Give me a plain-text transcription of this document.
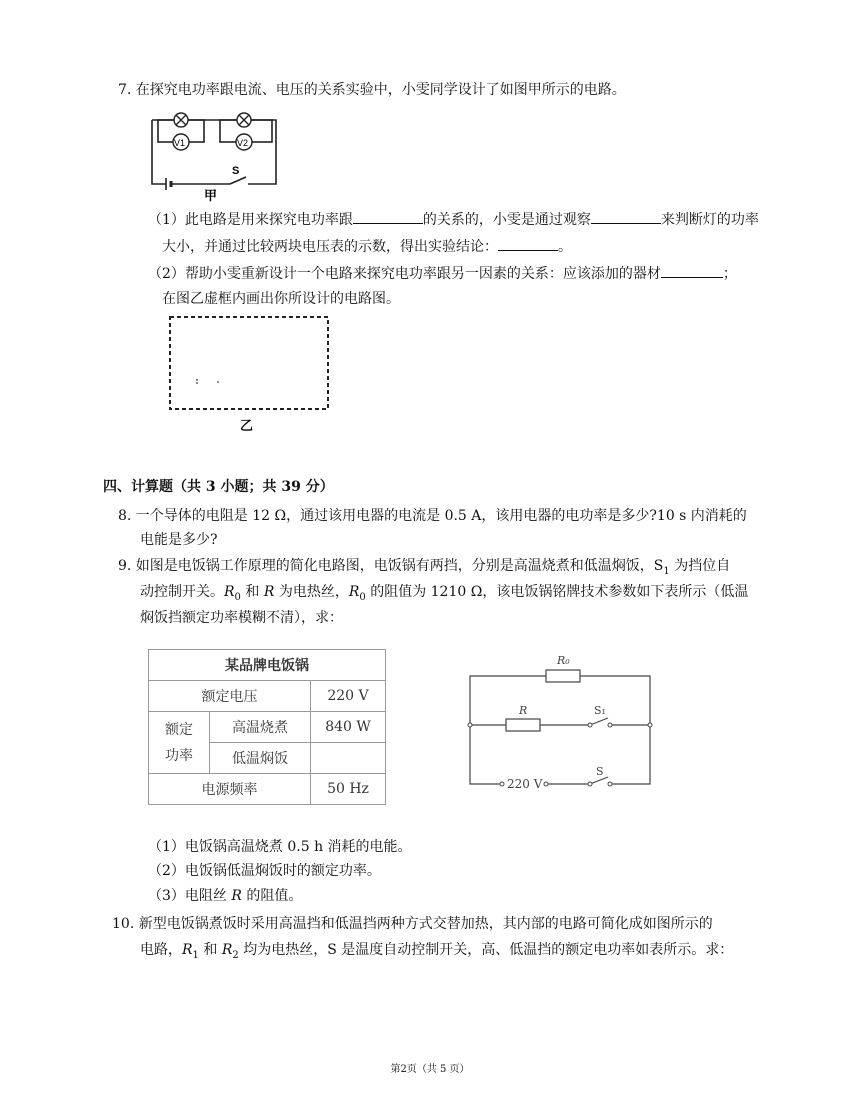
7. 在探究电功率跟电流、电压的关系实验中，小雯同学设计了如图甲所示的电路。
V1	V2
S
甲
（1）此电路是用来探究电功率跟	的关系的，小雯是通过观察	来判断灯的功率
大小，并通过比较两块电压表的示数，得出实验结论：	。
（2）帮助小雯重新设计一个电路来探究电功率跟另一因素的关系：应该添加的器材	；
在图乙虚框内画出你所设计的电路图。
乙
四、计算题（共 3 小题；共 39 分）
8. 一个导体的电阻是 12 Ω，通过该用电器的电流是 0.5 A，该用电器的电功率是多少?10 s 内消耗的
电能是多少?
9. 如图是电饭锅工作原理的简化电路图，电饭锅有两挡，分别是高温烧煮和低温焖饭，$S_1$ 为挡位自
动控制开关。$R_0$ 和 R 为电热丝，$R_0$ 的阻值为 1210 Ω，该电饭锅铭牌技术参数如下表所示（低温
焖饭挡额定功率模糊不清），求：
某品牌电饭锅		
额定电压		220 V
额定
功率	高温烧煮	840 W
	低温焖饭	
电源频率		50 Hz
R₀
R	S₁
S
220 V
（1）电饭锅高温烧煮 0.5 h 消耗的电能。
（2）电饭锅低温焖饭时的额定功率。
（3）电阻丝 R 的阻值。
10. 新型电饭锅煮饭时采用高温挡和低温挡两种方式交替加热，其内部的电路可简化成如图所示的
电路，$R_1$ 和 $R_2$ 均为电热丝，S 是温度自动控制开关，高、低温挡的额定电功率如表所示。求：
第2页（共 5 页）
